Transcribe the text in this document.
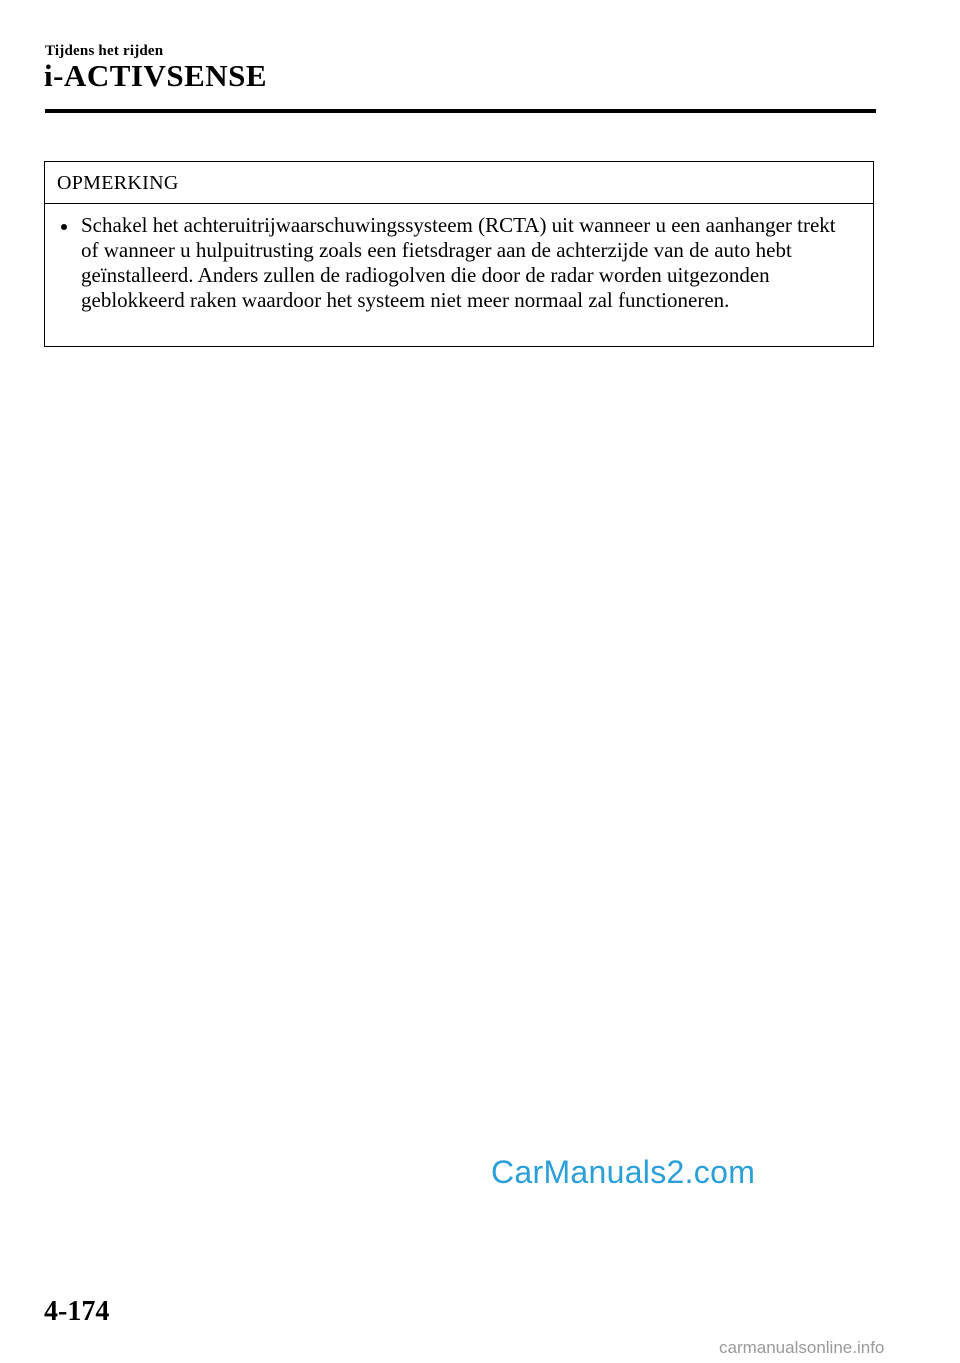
Tijdens het rijden
i-ACTIVSENSE
OPMERKING
Schakel het achteruitrijwaarschuwingssysteem (RCTA) uit wanneer u een aanhanger trekt of wanneer u hulpuitrusting zoals een fietsdrager aan de achterzijde van de auto hebt geïnstalleerd. Anders zullen de radiogolven die door de radar worden uitgezonden geblokkeerd raken waardoor het systeem niet meer normaal zal functioneren.
CarManuals2.com
4-174
carmanualsonline.info
